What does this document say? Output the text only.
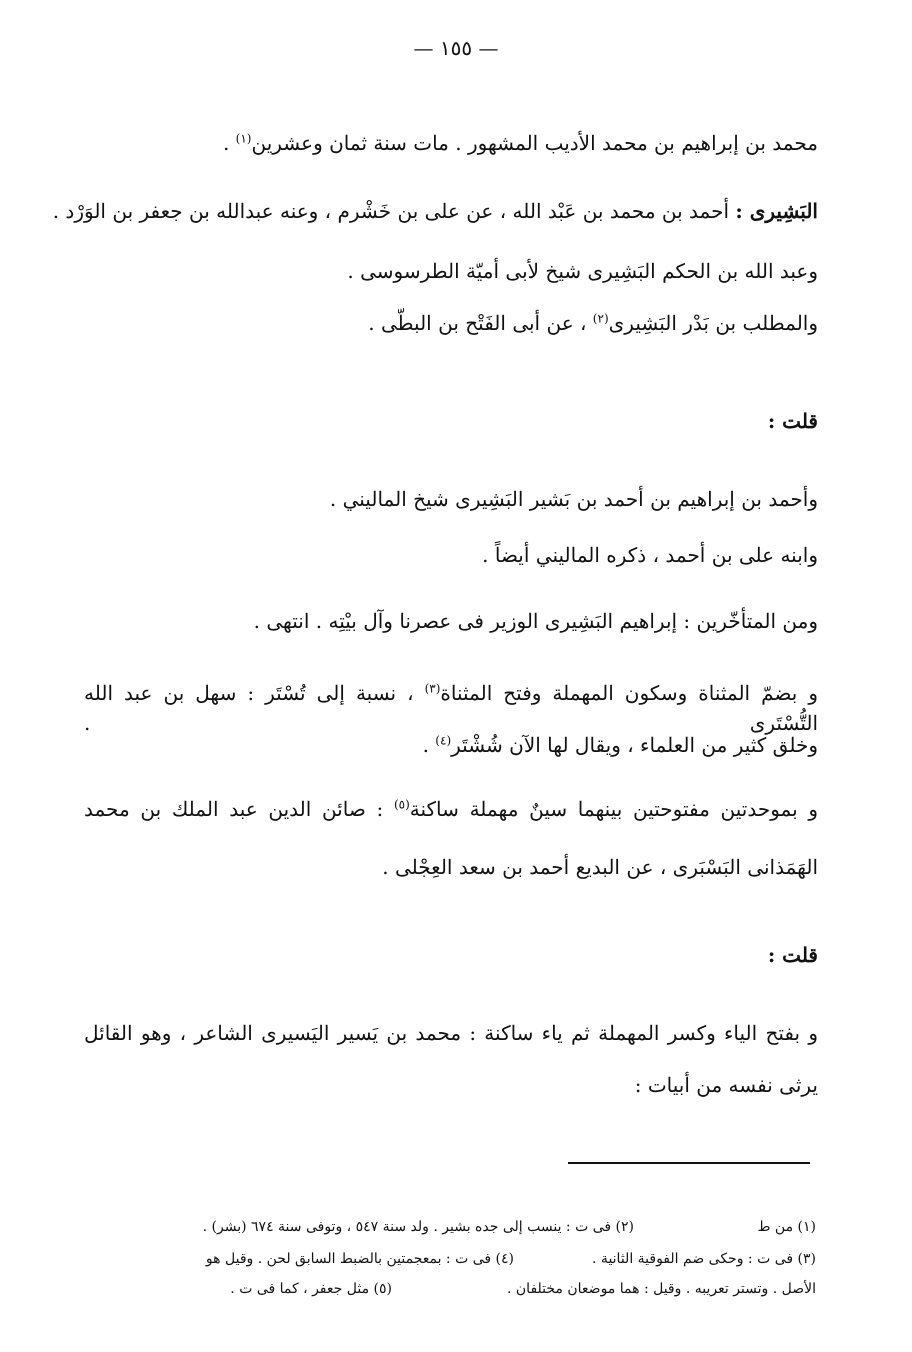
— ١٥٥ —
محمد بن إبراهيم بن محمد الأديب المشهور . مات سنة ثمان وعشرين$^{(١)}$ .
البَشِيرى : أحمد بن محمد بن عَبْد الله ، عن على بن خَشْرم ، وعنه عبدالله بن جعفر بن الوَرْد .
وعبد الله بن الحكم البَشِيرى شيخ لأبى أميّة الطرسوسى .
والمطلب بن بَدْر البَشِيرى$^{(٢)}$ ، عن أبى الفَتْح بن البطّى .
قلت :
وأحمد بن إبراهيم بن أحمد بن بَشير البَشِيرى شيخ الماليني .
وابنه على بن أحمد ، ذكره الماليني أيضاً .
ومن المتأخّرين : إبراهيم البَشِيرى الوزير فى عصرنا وآل بيْتِه . انتهى .
و بضمّ المثناة وسكون المهملة وفتح المثناة$^{(٣)}$ ، نسبة إلى تُسْتَر : سهل بن عبد الله التُّسْتَرى .
وخلق كثير من العلماء ، ويقال لها الآن شُشْتَر$^{(٤)}$ .
و بموحدتين مفتوحتين بينهما سينٌ مهملة ساكنة$^{(٥)}$ : صائن الدين عبد الملك بن محمد
الهَمَذانى البَسْبَرى ، عن البديع أحمد بن سعد العِجْلى .
قلت :
و بفتح الياء وكسر المهملة ثم ياء ساكنة : محمد بن يَسير اليَسيرى الشاعر ، وهو القائل
يرثى نفسه من أبيات :
(١) من ط
(٢) فى ت : ينسب إلى جده بشير . ولد سنة ٥٤٧ ، وتوفى سنة ٦٧٤ (بشر) .
(٣) فى ت : وحكى ضم الفوقية الثانية .
(٤) فى ت : بمعجمتين بالضبط السابق لحن . وقيل هو
الأصل . وتستر تعريبه . وقيل : هما موضعان مختلفان .
(٥) مثل جعفر ، كما فى ت .
